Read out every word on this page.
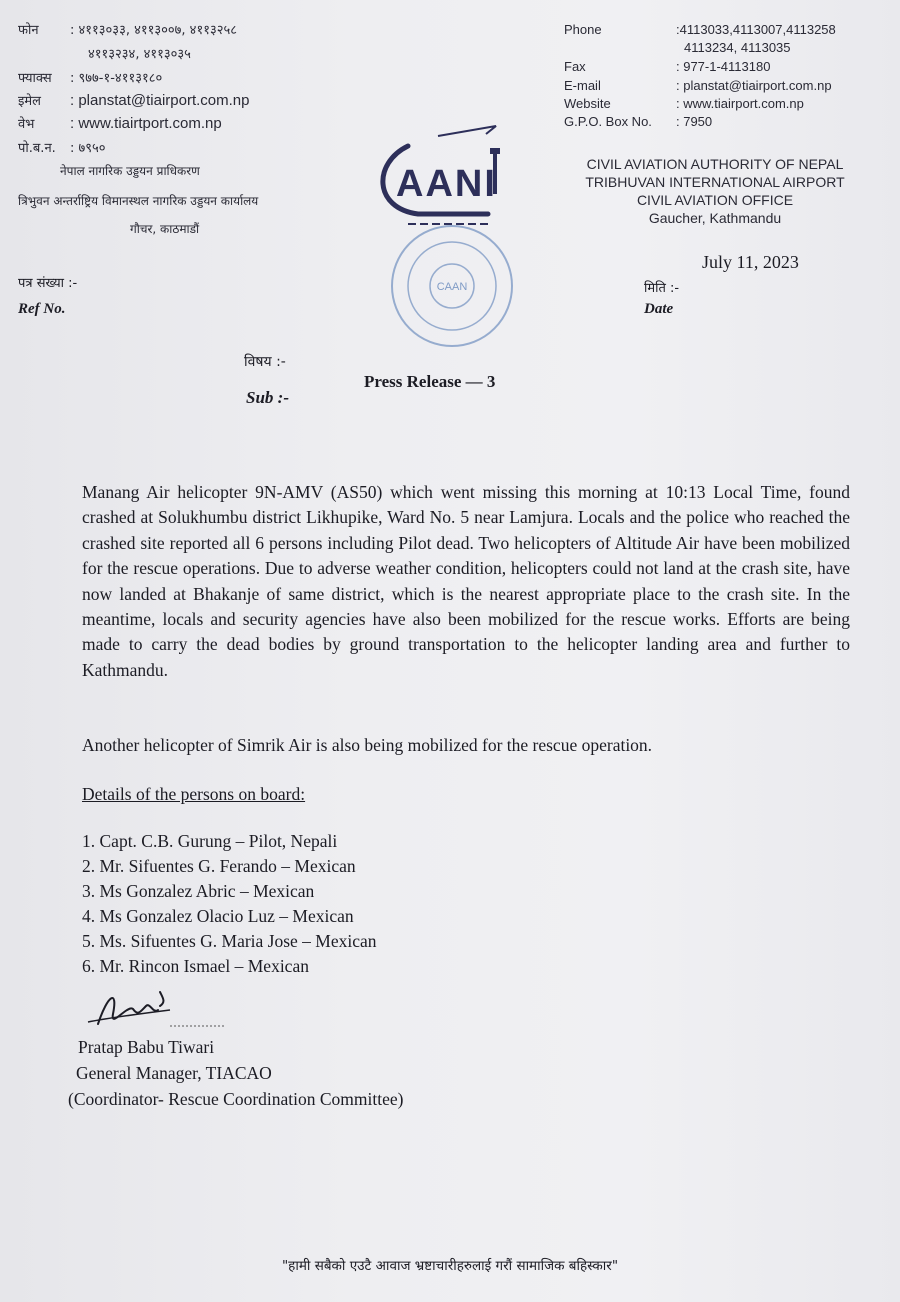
फोन : ४११३०३३, ४११३००७, ४११३२५८
४११३२३४, ४११३०३५
फ्याक्स : ९७७-१-४११३१८०
इमेल : planstat@tiairport.com.np
वेभ : www.tiairtport.com.np
पो.ब.न. : ७९५०
नेपाल नागरिक उड्डयन प्राधिकरण
त्रिभुवन अन्तर्राष्ट्रिय विमानस्थल नागरिक उड्डयन कार्यालय
गौचर, काठमाडौं
Phone	:4113033,4113007,4113258
4113234, 4113035
Fax	: 977-1-4113180
E-mail	: planstat@tiairport.com.np
Website	: www.tiairport.com.np
G.P.O. Box No. : 7950
CIVIL AVIATION AUTHORITY OF NEPAL
TRIBHUVAN INTERNATIONAL AIRPORT
CIVIL AVIATION OFFICE
Gaucher, Kathmandu
AANI
CAAN
July 11, 2023
पत्र संख्या :-
Ref No.
मिति :-
Date
विषय :-
Sub :-
Press Release — 3
Manang Air helicopter 9N-AMV (AS50) which went missing this morning at 10:13 Local Time, found crashed at Solukhumbu district Likhupike, Ward No. 5 near Lamjura. Locals and the police who reached the crashed site reported all 6 persons including Pilot dead. Two helicopters of Altitude Air have been mobilized for the rescue operations. Due to adverse weather condition, helicopters could not land at the crash site, have now landed at Bhakanje of same district, which is the nearest appropriate place to the crash site. In the meantime, locals and security agencies have also been mobilized for the rescue works. Efforts are being made to carry the dead bodies by ground transportation to the helicopter landing area and further to Kathmandu.
Another helicopter of Simrik Air is also being mobilized for the rescue operation.
Details of the persons on board:
1. Capt. C.B. Gurung – Pilot, Nepali
2. Mr. Sifuentes G. Ferando – Mexican
3. Ms Gonzalez Abric – Mexican
4. Ms Gonzalez Olacio Luz – Mexican
5. Ms. Sifuentes G. Maria Jose – Mexican
6. Mr. Rincon Ismael – Mexican
Pratap Babu Tiwari
General Manager, TIACAO
(Coordinator- Rescue Coordination Committee)
"हामी सबैको एउटै आवाज भ्रष्टाचारीहरुलाई गरौं सामाजिक बहिस्कार"
